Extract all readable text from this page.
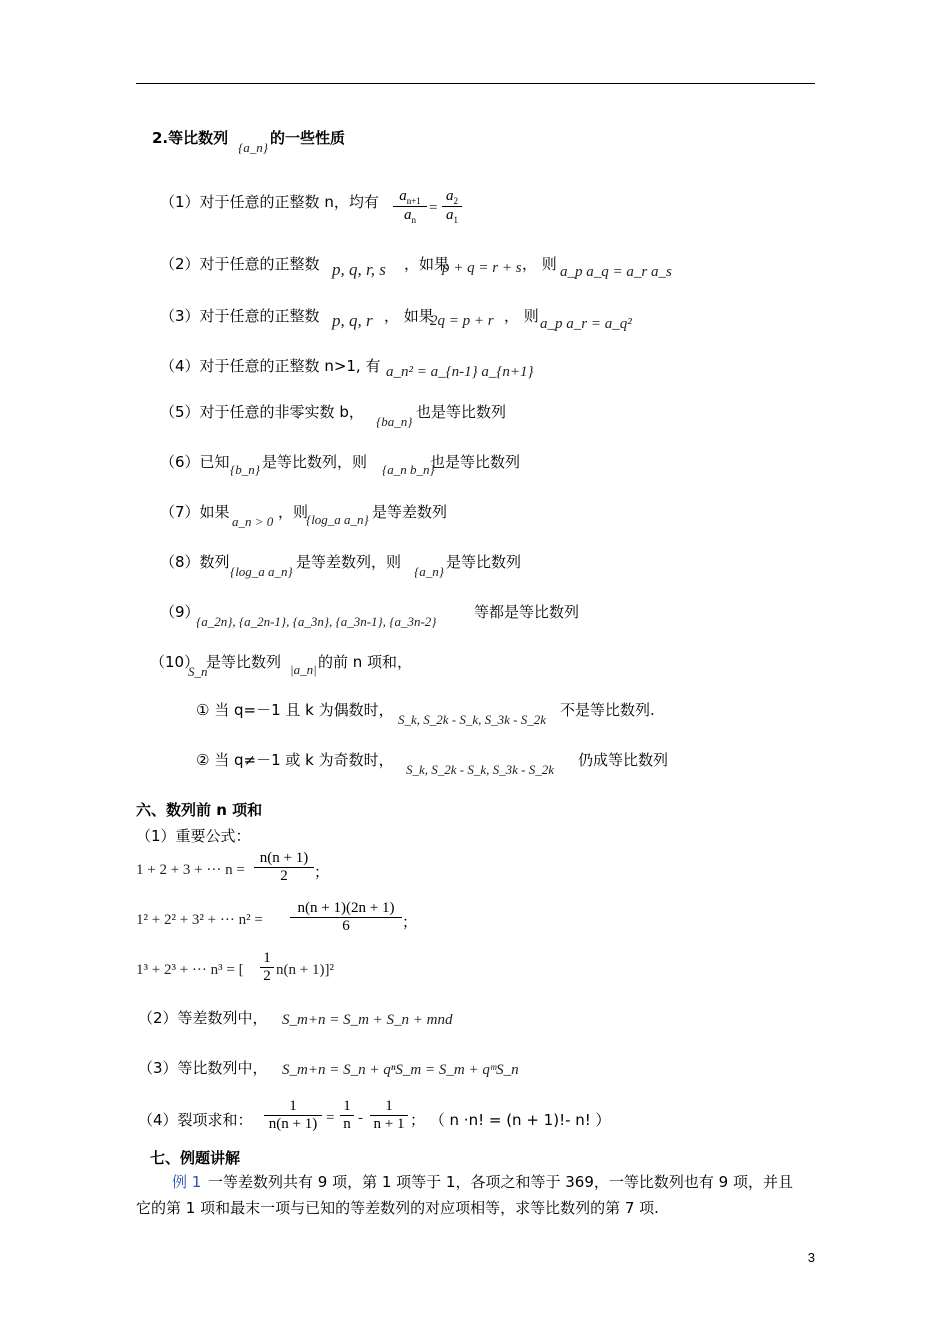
2.等比数列
{a_n}
的一些性质
（1）对于任意的正整数 n，均有	$a_{n+1}$
$a_n$
=
$a_2$
$a_1$
（2）对于任意的正整数 p, q, r, s ，如果
p + q = r + s ， 则 a_p a_q = a_r a_s
（3）对于任意的正整数 p, q, r ， 如果
2q = p + r ， 则 a_p a_r = a_q²
（4）对于任意的正整数 n>1, 有 a_n² = a_{n-1} a_{n+1}
（5）对于任意的非零实数 b，
{ba_n}
也是等比数列
（6）已知 {b_n} 是等比数列，则 {a_n b_n}
也是等比数列
（7）如果
a_n > 0
，则
{log_a a_n} 是等差数列
（8）数列
{log_a a_n}
是等差数列，则
{a_n}
是等比数列
（9）
{a_2n}, {a_2n-1}, {a_3n}, {a_3n-1}, {a_3n-2}
等都是等比数列
（10）
S_n
是等比数列 |a_n| 的前 n 项和，
① 当 q=－1 且 k 为偶数时，
S_k, S_2k - S_k, S_3k - S_2k
不是等比数列.
② 当 q≠－1 或 k 为奇数时，
S_k, S_2k - S_k, S_3k - S_2k
仍成等比数列
六、数列前 n 项和
（1）重要公式：
1 + 2 + 3 + ··· n =
n(n + 1)
2	；
1² + 2² + 3² + ··· n² =
n(n + 1)(2n + 1)
6	；
1³ + 2³ + ··· n³ = [
1
2 n(n + 1)]²
（2）等差数列中， S_m+n = S_m + S_n + mnd
（3）等比数列中， S_m+n = S_n + qⁿS_m = S_m + qᵐS_n
（4）裂项求和：
1
n(n + 1) =
1
n -
1
n + 1 ； （ n ·n! = (n + 1)!- n! ）
七、例题讲解
例 1 一等差数列共有 9 项，第 1 项等于 1，各项之和等于 369，一等比数列也有 9 项，并且
它的第 1 项和最末一项与已知的等差数列的对应项相等，求等比数列的第 7 项.
3
